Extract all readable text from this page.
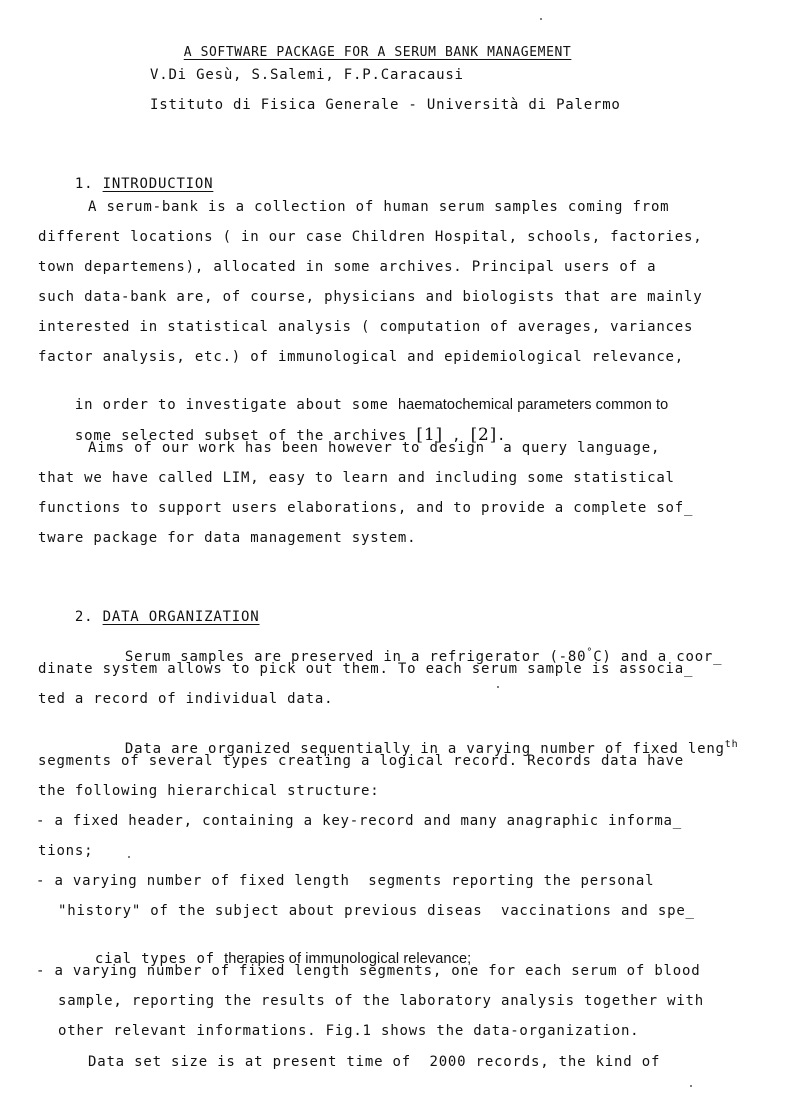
A SOFTWARE PACKAGE FOR A SERUM BANK MANAGEMENT

V.Di Gesù, S.Salemi, F.P.Caracausi
Istituto di Fisica Generale - Università di Palermo

1. INTRODUCTION

A serum-bank is a collection of human serum samples coming from
different locations ( in our case Children Hospital, schools, factories,
town departemens), allocated in some archives. Principal users of a
such data-bank are, of course, physicians and biologists that are mainly
interested in statistical analysis ( computation of averages, variances
factor analysis, etc.) of immunological and epidemiological relevance,

in order to investigate about some haematochemical parameters common to

some selected subset of the archives [1] , [2].

Aims of our work has been however to design  a query language,
that we have called LIM, easy to learn and including some statistical
functions to support users elaborations, and to provide a complete sof_
tware package for data management system.

2. DATA ORGANIZATION

Serum samples are preserved in a refrigerator (-80°C) and a coor_

dinate system allows to pick out them. To each serum sample is associa_
ted a record of individual data.

Data are organized sequentially in a varying number of fixed leng$^{th}$

segments of several types creating a logical record. Records data have
the following hierarchical structure:
- a fixed header, containing a key-record and many anagraphic informa_
tions;
- a varying number of fixed length  segments reporting the personal
"history" of the subject about previous diseas  vaccinations and spe_

cial types of therapies of immunological relevance;

- a varying number of fixed length segments, one for each serum of blood
sample, reporting the results of the laboratory analysis together with
other relevant informations. Fig.1 shows the data-organization.
Data set size is at present time of  2000 records, the kind of
